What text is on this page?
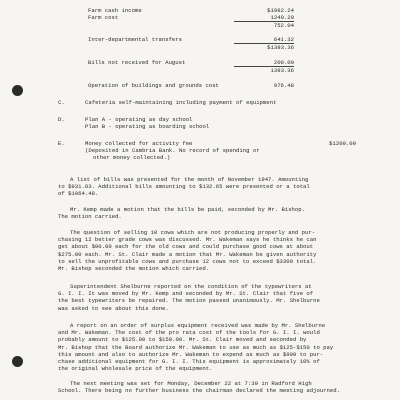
Farm cash income	$1992.24
Farm cost	1240.20
752.04
Inter-departmental transfers	641.32
$1393.36
Bills not received for August	200.00
1393.36
Operation of buildings and grounds cost	976.48
C.	Cafeteria self-maintaining including payment of equipment
D.	Plan A - operating as day school
Plan B - operating as boarding school
E.	Money collected for activity fee	$1200.00
(Deposited in Cambria Bank. No record of spending or
other money collected.)
A list of bills was presented for the month of November 1947. Amounting
to $931.83. Additional bills amounting to $132.65 were presented or a total
of $1064.48.
Mr. Kemp made a motion that the bills be paid, seconded by Mr. Bishop.
The motion carried.
The question of selling 10 cows which are not producing properly and pur-
chasing 12 better grade cows was discussed. Mr. Wakeman says he thinks he can
get about $90.00 each for the old cows and could purchase good cows at about
$275.00 each. Mr. St. Clair made a motion that Mr. Wakeman be given authority
to sell the unprofitable cows and purchase 12 cows not to exceed $3300 total.
Mr. Bishop seconded the motion which carried.
Superintendent Shelburne reported on the condition of the typewriters at
G. I. I. It was moved by Mr. Kemp and seconded by Mr. St. Clair that five of
the best typewriters be repaired. The motion passed unanimously. Mr. Shelburne
was asked to see about this done.
A report on an order of surplus equipment received was made by Mr. Shelburne
and Mr. Wakeman. The cost of the pro rata cost of the tools for G. I. I. would
probably amount to $125.00 to $150.00. Mr. St. Clair moved and seconded by
Mr. Bishop that the Board authorize Mr. Wakeman to use as much as $125-$150 to pay
this amount and also to authorize Mr. Wakeman to expend as much as $900 to pur-
chase additional equipment for G. I. I. This equipment is approximately 10% of
the original wholesale price of the equipment.
The next meeting was set for Monday, December 22 at 7:30 in Radford High
School. There being no further business the chairman declared the meeting adjourned.
